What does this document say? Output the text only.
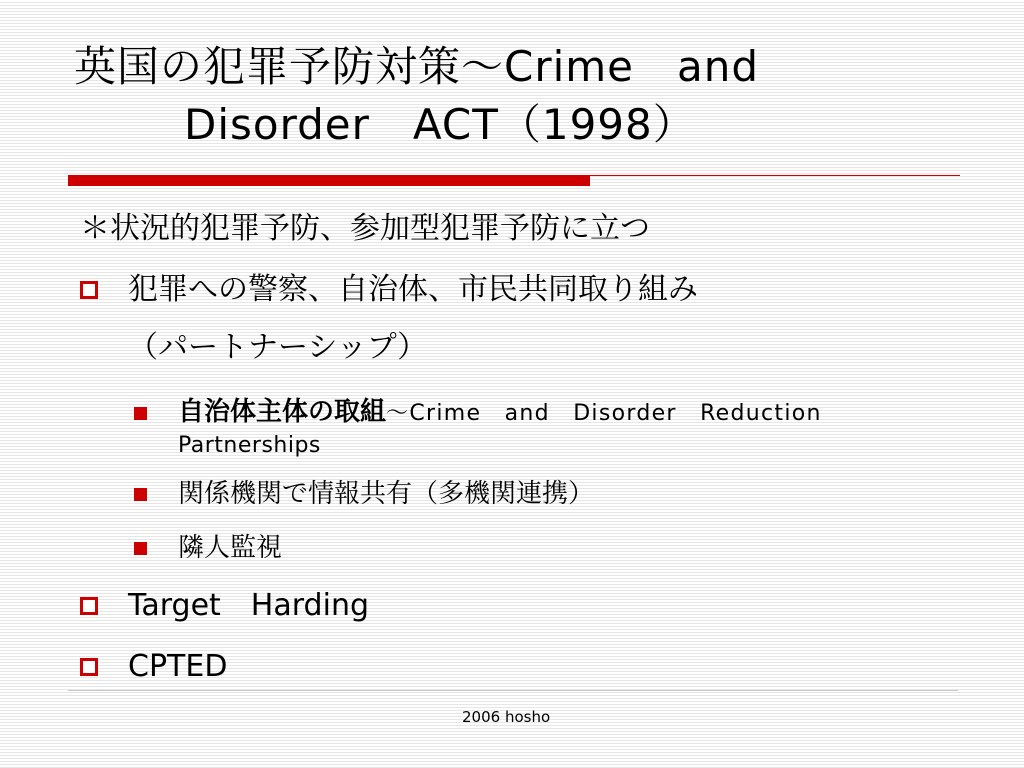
英国の犯罪予防対策～Crime　and
Disorder　ACT（1998）
＊状況的犯罪予防、参加型犯罪予防に立つ
犯罪への警察、自治体、市民共同取り組み
（パートナーシップ）
自治体主体の取組～Crime　and　Disorder　Reduction
Partnerships
関係機関で情報共有（多機関連携）
隣人監視
Target　Harding
CPTED
2006 hosho
